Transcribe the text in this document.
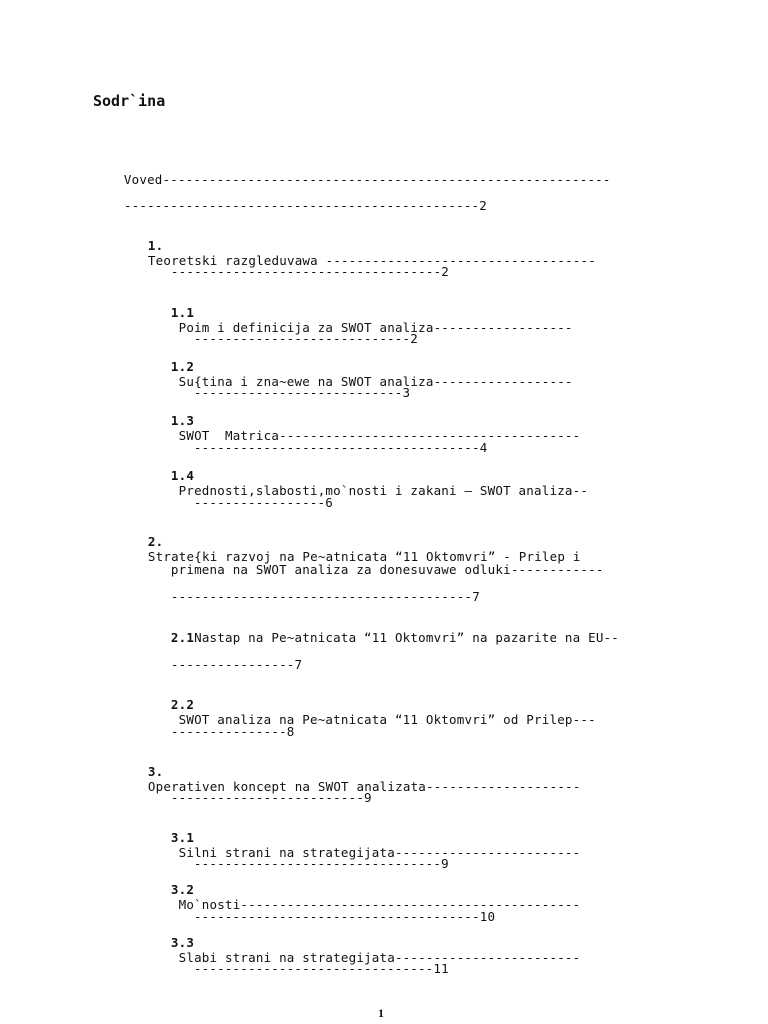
Sodr`ina

Voved----------------------------------------------------------

----------------------------------------------2

1.
Teoretski razgleduvawa -----------------------------------

-----------------------------------2

1.1
Poim i definicija za SWOT analiza------------------

----------------------------2

1.2
Su{tina i zna~ewe na SWOT analiza------------------

---------------------------3

1.3
SWOT  Matrica---------------------------------------

-------------------------------------4

1.4
Prednosti,slabosti,mo`nosti i zakani – SWOT analiza--

-----------------6

2.
Strate{ki razvoj na Pe~atnicata “11 Oktomvri” - Prilep i

primena na SWOT analiza za donesuvawe odluki------------

---------------------------------------7

2.1Nastap na Pe~atnicata “11 Oktomvri” na pazarite na EU--

----------------7

2.2
SWOT analiza na Pe~atnicata “11 Oktomvri” od Prilep---

---------------8

3.
Operativen koncept na SWOT analizata--------------------

-------------------------9

3.1
Silni strani na strategijata------------------------

--------------------------------9

3.2
Mo`nosti--------------------------------------------

-------------------------------------10

3.3
Slabi strani na strategijata------------------------

-------------------------------11

1
